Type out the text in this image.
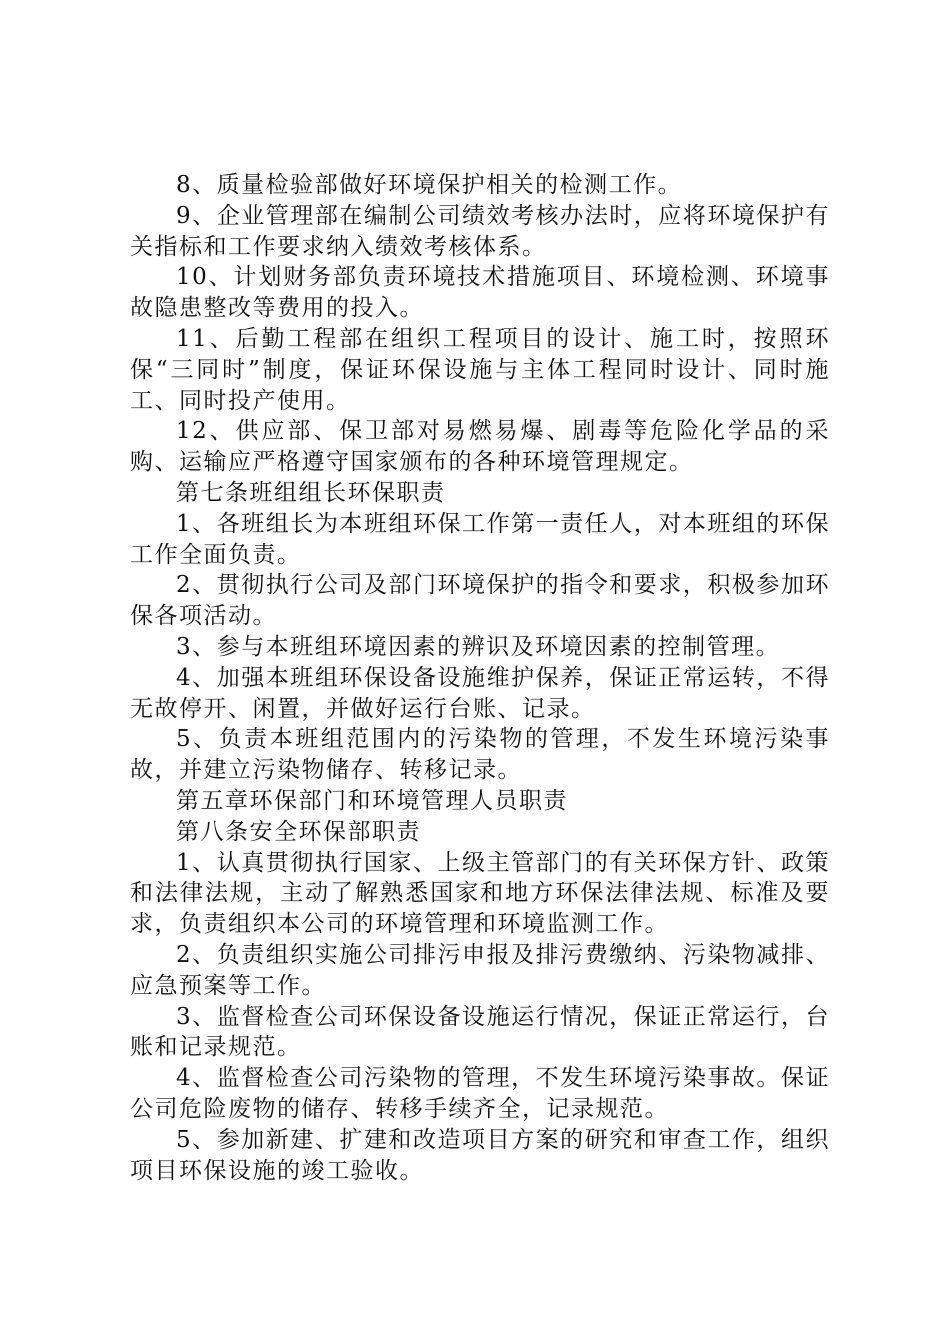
8、质量检验部做好环境保护相关的检测工作。

9、企业管理部在编制公司绩效考核办法时，应将环境保护有关指标和工作要求纳入绩效考核体系。

10、计划财务部负责环境技术措施项目、环境检测、环境事故隐患整改等费用的投入。

11、后勤工程部在组织工程项目的设计、施工时，按照环保“三同时”制度，保证环保设施与主体工程同时设计、同时施工、同时投产使用。

12、供应部、保卫部对易燃易爆、剧毒等危险化学品的采购、运输应严格遵守国家颁布的各种环境管理规定。

第七条班组组长环保职责

1、各班组长为本班组环保工作第一责任人，对本班组的环保工作全面负责。

2、贯彻执行公司及部门环境保护的指令和要求，积极参加环保各项活动。

3、参与本班组环境因素的辨识及环境因素的控制管理。

4、加强本班组环保设备设施维护保养，保证正常运转，不得无故停开、闲置，并做好运行台账、记录。

5、负责本班组范围内的污染物的管理，不发生环境污染事故，并建立污染物储存、转移记录。

第五章环保部门和环境管理人员职责

第八条安全环保部职责

1、认真贯彻执行国家、上级主管部门的有关环保方针、政策和法律法规，主动了解熟悉国家和地方环保法律法规、标准及要求，负责组织本公司的环境管理和环境监测工作。

2、负责组织实施公司排污申报及排污费缴纳、污染物减排、应急预案等工作。

3、监督检查公司环保设备设施运行情况，保证正常运行，台账和记录规范。

4、监督检查公司污染物的管理，不发生环境污染事故。保证公司危险废物的储存、转移手续齐全，记录规范。

5、参加新建、扩建和改造项目方案的研究和审查工作，组织项目环保设施的竣工验收。
